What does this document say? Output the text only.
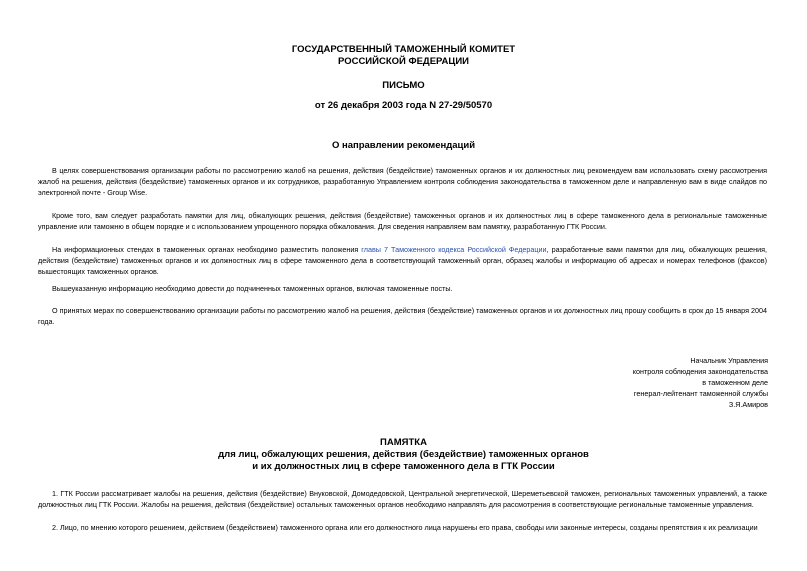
ГОСУДАРСТВЕННЫЙ ТАМОЖЕННЫЙ КОМИТЕТ
РОССИЙСКОЙ ФЕДЕРАЦИИ
ПИСЬМО
от 26 декабря 2003 года N 27-29/50570
О направлении рекомендаций
В целях совершенствования организации работы по рассмотрению жалоб на решения, действия (бездействие) таможенных органов и их должностных лиц рекомендуем вам использовать схему рассмотрения жалоб на решения, действия (бездействие) таможенных органов и их сотрудников, разработанную Управлением контроля соблюдения законодательства в таможенном деле и направленную вам в виде слайдов по электронной почте - Group Wise.
Кроме того, вам следует разработать памятки для лиц, обжалующих решения, действия (бездействие) таможенных органов и их должностных лиц в сфере таможенного дела в региональные таможенные управление или таможню в общем порядке и с использованием упрощенного порядка обжалования. Для сведения направляем вам памятку, разработанную ГТК России.
На информационных стендах в таможенных органах необходимо разместить положения главы 7 Таможенного кодекса Российской Федерации, разработанные вами памятки для лиц, обжалующих решения, действия (бездействие) таможенных органов и их должностных лиц в сфере таможенного дела в соответствующий таможенный орган, образец жалобы и информацию об адресах и номерах телефонов (факсов) вышестоящих таможенных органов.
Вышеуказанную информацию необходимо довести до подчиненных таможенных органов, включая таможенные посты.
О принятых мерах по совершенствованию организации работы по рассмотрению жалоб на решения, действия (бездействие) таможенных органов и их должностных лиц прошу сообщить в срок до 15 января 2004 года.
Начальник Управления
контроля соблюдения законодательства
в таможенном деле
генерал-лейтенант таможенной службы
З.Я.Амиров
ПАМЯТКА
для лиц, обжалующих решения, действия (бездействие) таможенных органов
и их должностных лиц в сфере таможенного дела в ГТК России
1. ГТК России рассматривает жалобы на решения, действия (бездействие) Внуковской, Домодедовской, Центральной энергетической, Шереметьевской таможен, региональных таможенных управлений, а также должностных лиц ГТК России. Жалобы на решения, действия (бездействие) остальных таможенных органов необходимо направлять для рассмотрения в соответствующие региональные таможенные управления.
2. Лицо, по мнению которого решением, действием (бездействием) таможенного органа или его должностного лица нарушены его права, свободы или законные интересы, созданы препятствия к их реализации
